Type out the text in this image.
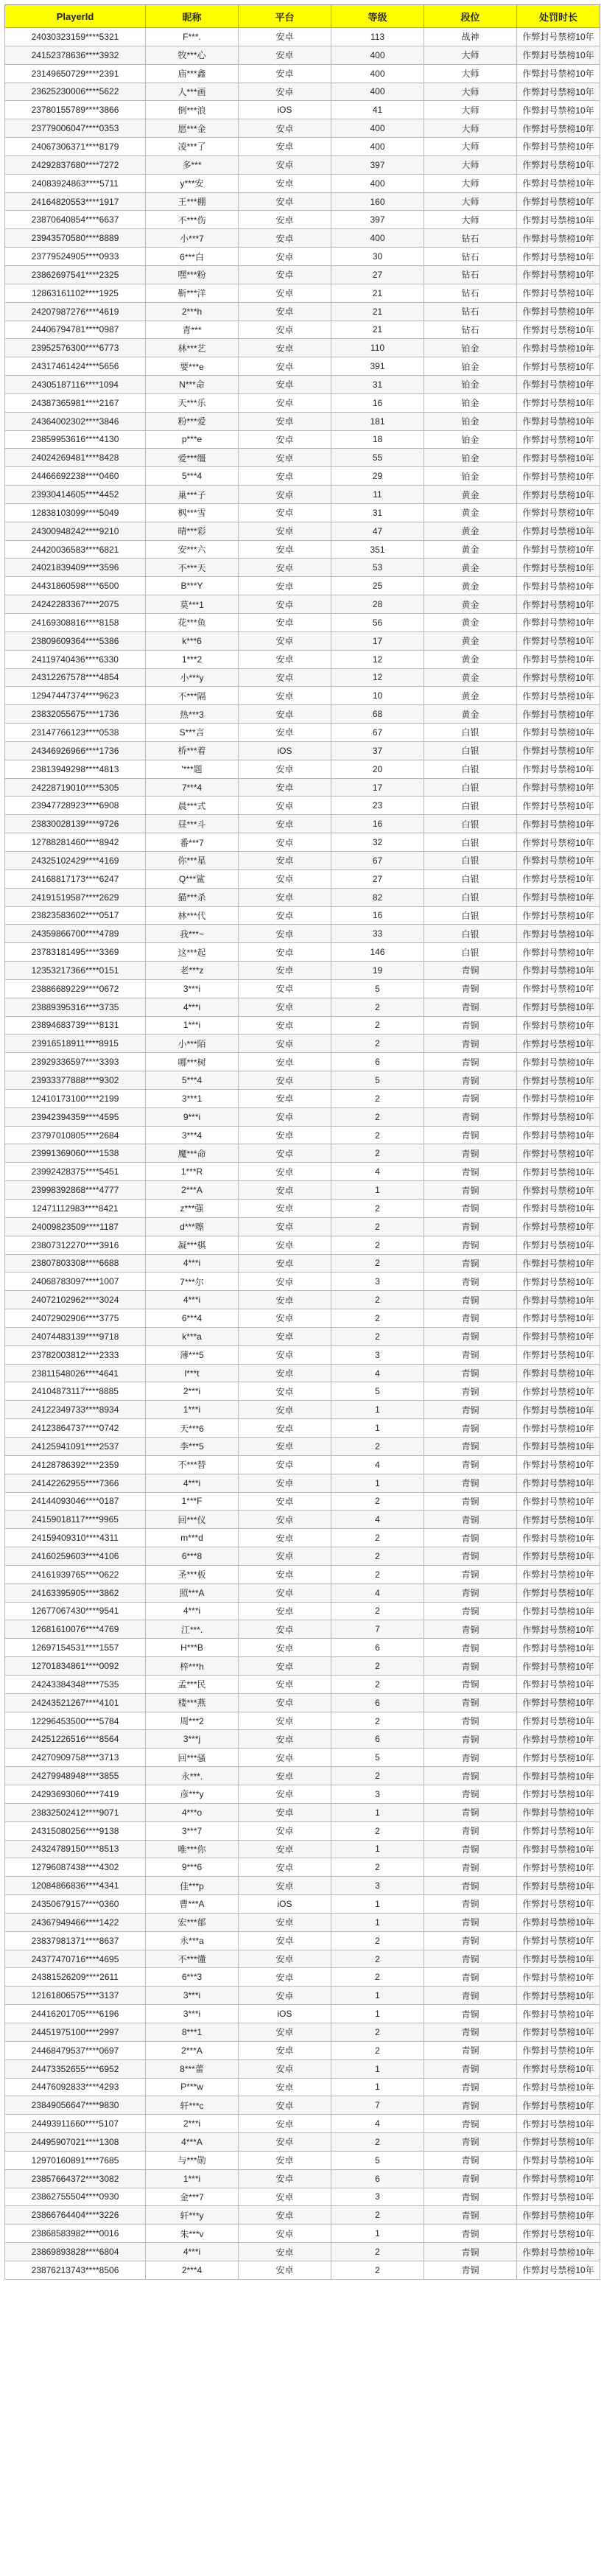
PlayerId	昵称	平台	等级	段位	处罚时长
24030323159****5321	F***.	安卓	113	战神	作弊封号禁榜10年
24152378636****3932	牧***心	安卓	400	大师	作弊封号禁榜10年
23149650729****2391	庙***鑫	安卓	400	大师	作弊封号禁榜10年
23625230006****5622	人***画	安卓	400	大师	作弊封号禁榜10年
23780155789****3866	倒***浪	iOS	41	大师	作弊封号禁榜10年
23779006047****0353	愿***金	安卓	400	大师	作弊封号禁榜10年
24067306371****8179	凌***了	安卓	400	大师	作弊封号禁榜10年
24292837680****7272	多***	安卓	397	大师	作弊封号禁榜10年
24083924863****5711	y***安	安卓	400	大师	作弊封号禁榜10年
24164820553****1917	王***棚	安卓	160	大师	作弊封号禁榜10年
23870640854****6637	不***伤	安卓	397	大师	作弊封号禁榜10年
23943570580****8889	小***7	安卓	400	钻石	作弊封号禁榜10年
23779524905****0933	6***白	安卓	30	钻石	作弊封号禁榜10年
23862697541****2325	嘿***粉	安卓	27	钻石	作弊封号禁榜10年
12863161102****1925	靳***洋	安卓	21	钻石	作弊封号禁榜10年
24207987276****4619	2***h	安卓	21	钻石	作弊封号禁榜10年
24406794781****0987	青***	安卓	21	钻石	作弊封号禁榜10年
23952576300****6773	林***艺	安卓	110	铂金	作弊封号禁榜10年
24317461424****5656	要***e	安卓	391	铂金	作弊封号禁榜10年
24305187116****1094	N***命	安卓	31	铂金	作弊封号禁榜10年
24387365981****2167	天***乐	安卓	16	铂金	作弊封号禁榜10年
24364002302****3846	粉***爱	安卓	181	铂金	作弊封号禁榜10年
23859953616****4130	p***e	安卓	18	铂金	作弊封号禁榜10年
24024269481****8428	爱***缰	安卓	55	铂金	作弊封号禁榜10年
24466692238****0460	5***4	安卓	29	铂金	作弊封号禁榜10年
23930414605****4452	巢***子	安卓	11	黄金	作弊封号禁榜10年
12838103099****5049	枫***雪	安卓	31	黄金	作弊封号禁榜10年
24300948242****9210	晴***彩	安卓	47	黄金	作弊封号禁榜10年
24420036583****6821	安***六	安卓	351	黄金	作弊封号禁榜10年
24021839409****3596	不***天	安卓	53	黄金	作弊封号禁榜10年
24431860598****6500	B***Y	安卓	25	黄金	作弊封号禁榜10年
24242283367****2075	莫***1	安卓	28	黄金	作弊封号禁榜10年
24169308816****8158	花***鱼	安卓	56	黄金	作弊封号禁榜10年
23809609364****5386	k***6	安卓	17	黄金	作弊封号禁榜10年
24119740436****6330	1***2	安卓	12	黄金	作弊封号禁榜10年
24312267578****4854	小***y	安卓	12	黄金	作弊封号禁榜10年
12947447374****9623	不***隔	安卓	10	黄金	作弊封号禁榜10年
23832055675****1736	热***3	安卓	68	黄金	作弊封号禁榜10年
23147766123****0538	S***言	安卓	67	白银	作弊封号禁榜10年
24346926966****1736	桥***着	iOS	37	白银	作弊封号禁榜10年
23813949298****4813	'***题	安卓	20	白银	作弊封号禁榜10年
24228719010****5305	7***4	安卓	17	白银	作弊封号禁榜10年
23947728923****6908	晨***式	安卓	23	白银	作弊封号禁榜10年
23830028139****9726	昼***斗	安卓	16	白银	作弊封号禁榜10年
12788281460****8942	番***7	安卓	32	白银	作弊封号禁榜10年
24325102429****4169	你***星	安卓	67	白银	作弊封号禁榜10年
24168817173****6247	Q***鲨	安卓	27	白银	作弊封号禁榜10年
24191519587****2629	猫***杀	安卓	82	白银	作弊封号禁榜10年
23823583602****0517	林***代	安卓	16	白银	作弊封号禁榜10年
24359866700****4789	我***~	安卓	33	白银	作弊封号禁榜10年
23783181495****3369	这***起	安卓	146	白银	作弊封号禁榜10年
12353217366****0151	老***z	安卓	19	青铜	作弊封号禁榜10年
23886689229****0672	3***i	安卓	5	青铜	作弊封号禁榜10年
23889395316****3735	4***i	安卓	2	青铜	作弊封号禁榜10年
23894683739****8131	1***i	安卓	2	青铜	作弊封号禁榜10年
23916518911****8915	小***陌	安卓	2	青铜	作弊封号禁榜10年
23929336597****3393	哪***树	安卓	6	青铜	作弊封号禁榜10年
23933377888****9302	5***4	安卓	5	青铜	作弊封号禁榜10年
12410173100****2199	3***1	安卓	2	青铜	作弊封号禁榜10年
23942394359****4595	9***i	安卓	2	青铜	作弊封号禁榜10年
23797010805****2684	3***4	安卓	2	青铜	作弊封号禁榜10年
23991369060****1538	魔***命	安卓	2	青铜	作弊封号禁榜10年
23992428375****5451	1***R	安卓	4	青铜	作弊封号禁榜10年
23998392868****4777	2***A	安卓	1	青铜	作弊封号禁榜10年
12471112983****8421	z***强	安卓	2	青铜	作弊封号禁榜10年
24009823509****1187	d***嚓	安卓	2	青铜	作弊封号禁榜10年
23807312270****3916	凝***棋	安卓	2	青铜	作弊封号禁榜10年
23807803308****6688	4***i	安卓	2	青铜	作弊封号禁榜10年
24068783097****1007	7***尔	安卓	3	青铜	作弊封号禁榜10年
24072102962****3024	4***i	安卓	2	青铜	作弊封号禁榜10年
24072902906****3775	6***4	安卓	2	青铜	作弊封号禁榜10年
24074483139****9718	k***a	安卓	2	青铜	作弊封号禁榜10年
23782003812****2333	薄***5	安卓	3	青铜	作弊封号禁榜10年
23811548026****4641	l***t	安卓	4	青铜	作弊封号禁榜10年
24104873117****8885	2***i	安卓	5	青铜	作弊封号禁榜10年
24122349733****8934	1***i	安卓	1	青铜	作弊封号禁榜10年
24123864737****0742	天***6	安卓	1	青铜	作弊封号禁榜10年
24125941091****2537	李***5	安卓	2	青铜	作弊封号禁榜10年
24128786392****2359	不***替	安卓	4	青铜	作弊封号禁榜10年
24142262955****7366	4***i	安卓	1	青铜	作弊封号禁榜10年
24144093046****0187	1***F	安卓	2	青铜	作弊封号禁榜10年
24159018117****9965	回***仪	安卓	4	青铜	作弊封号禁榜10年
24159409310****4311	m***d	安卓	2	青铜	作弊封号禁榜10年
24160259603****4106	6***8	安卓	2	青铜	作弊封号禁榜10年
24161939765****0622	圣***板	安卓	2	青铜	作弊封号禁榜10年
24163395905****3862	照***A	安卓	4	青铜	作弊封号禁榜10年
12677067430****9541	4***i	安卓	2	青铜	作弊封号禁榜10年
12681610076****4769	江***.	安卓	7	青铜	作弊封号禁榜10年
12697154531****1557	H***B	安卓	6	青铜	作弊封号禁榜10年
12701834861****0092	梓***h	安卓	2	青铜	作弊封号禁榜10年
24243384348****7535	孟***民	安卓	2	青铜	作弊封号禁榜10年
24243521267****4101	楼***燕	安卓	6	青铜	作弊封号禁榜10年
12296453500****5784	周***2	安卓	2	青铜	作弊封号禁榜10年
24251226516****8564	3***j	安卓	6	青铜	作弊封号禁榜10年
24270909758****3713	回***骚	安卓	5	青铜	作弊封号禁榜10年
24279948948****3855	永***.	安卓	2	青铜	作弊封号禁榜10年
24293693060****7419	彦***y	安卓	3	青铜	作弊封号禁榜10年
23832502412****9071	4***o	安卓	1	青铜	作弊封号禁榜10年
24315080256****9138	3***7	安卓	2	青铜	作弊封号禁榜10年
24324789150****8513	唯***你	安卓	1	青铜	作弊封号禁榜10年
12796087438****4302	9***6	安卓	2	青铜	作弊封号禁榜10年
12084866836****4341	佳***p	安卓	3	青铜	作弊封号禁榜10年
24350679157****0360	曹***A	iOS	1	青铜	作弊封号禁榜10年
24367949466****1422	宏***郁	安卓	1	青铜	作弊封号禁榜10年
23837981371****8637	永***a	安卓	2	青铜	作弊封号禁榜10年
24377470716****4695	不***懂	安卓	2	青铜	作弊封号禁榜10年
24381526209****2611	6***3	安卓	2	青铜	作弊封号禁榜10年
12161806575****3137	3***i	安卓	1	青铜	作弊封号禁榜10年
24416201705****6196	3***i	iOS	1	青铜	作弊封号禁榜10年
24451975100****2997	8***1	安卓	2	青铜	作弊封号禁榜10年
24468479537****0697	2***A	安卓	2	青铜	作弊封号禁榜10年
24473352655****6952	8***蕾	安卓	1	青铜	作弊封号禁榜10年
24476092833****4293	P***w	安卓	1	青铜	作弊封号禁榜10年
23849056647****9830	轩***c	安卓	7	青铜	作弊封号禁榜10年
24493911660****5107	2***i	安卓	4	青铜	作弊封号禁榜10年
24495907021****1308	4***A	安卓	2	青铜	作弊封号禁榜10年
12970160891****7685	与***勋	安卓	5	青铜	作弊封号禁榜10年
23857664372****3082	1***i	安卓	6	青铜	作弊封号禁榜10年
23862755504****0930	金***7	安卓	3	青铜	作弊封号禁榜10年
23866764404****3226	轩***y	安卓	2	青铜	作弊封号禁榜10年
23868583982****0016	朱***v	安卓	1	青铜	作弊封号禁榜10年
23869893828****6804	4***i	安卓	2	青铜	作弊封号禁榜10年
23876213743****8506	2***4	安卓	2	青铜	作弊封号禁榜10年
